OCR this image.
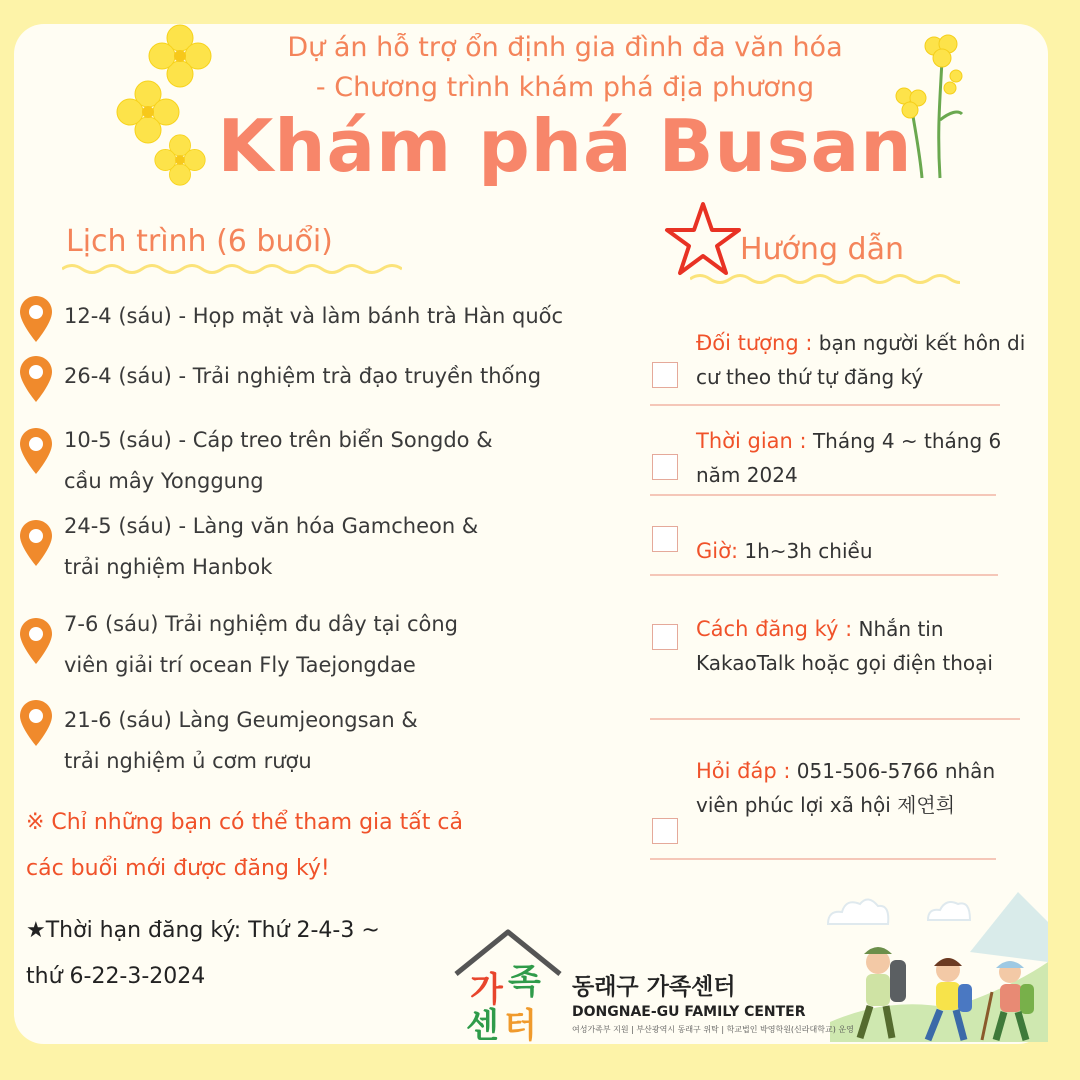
Dự án hỗ trợ ổn định gia đình đa văn hóa
- Chương trình khám phá địa phương
Khám phá Busan
Lịch trình (6 buổi)
12-4 (sáu) - Họp mặt và làm bánh trà Hàn quốc
26-4 (sáu) - Trải nghiệm trà đạo truyền thống
10-5 (sáu) - Cáp treo trên biển Songdo &
cầu mây Yonggung
24-5 (sáu) - Làng văn hóa Gamcheon &
trải nghiệm Hanbok
7-6 (sáu) Trải nghiệm đu dây tại công
viên giải trí ocean Fly Taejongdae
21-6 (sáu) Làng Geumjeongsan &
trải nghiệm ủ cơm rượu
※ Chỉ những bạn có thể tham gia tất cả
các buổi mới được đăng ký!
★Thời hạn đăng ký: Thứ 2-4-3 ~
thứ 6-22-3-2024
Hướng dẫn
Đối tượng : bạn người kết hôn di cư theo thứ tự đăng ký
Thời gian : Tháng 4 ~ tháng 6 năm 2024
Giờ: 1h~3h chiều
Cách đăng ký : Nhắn tin KakaoTalk hoặc gọi điện thoại
Hỏi đáp : 051-506-5766 nhân viên phúc lợi xã hội 제연희
가 족
센 터
동래구 가족센터
DONGNAE-GU FAMILY CENTER
여성가족부 지원 | 부산광역시 동래구 위탁 | 학교법인 박영학원(신라대학교) 운영
